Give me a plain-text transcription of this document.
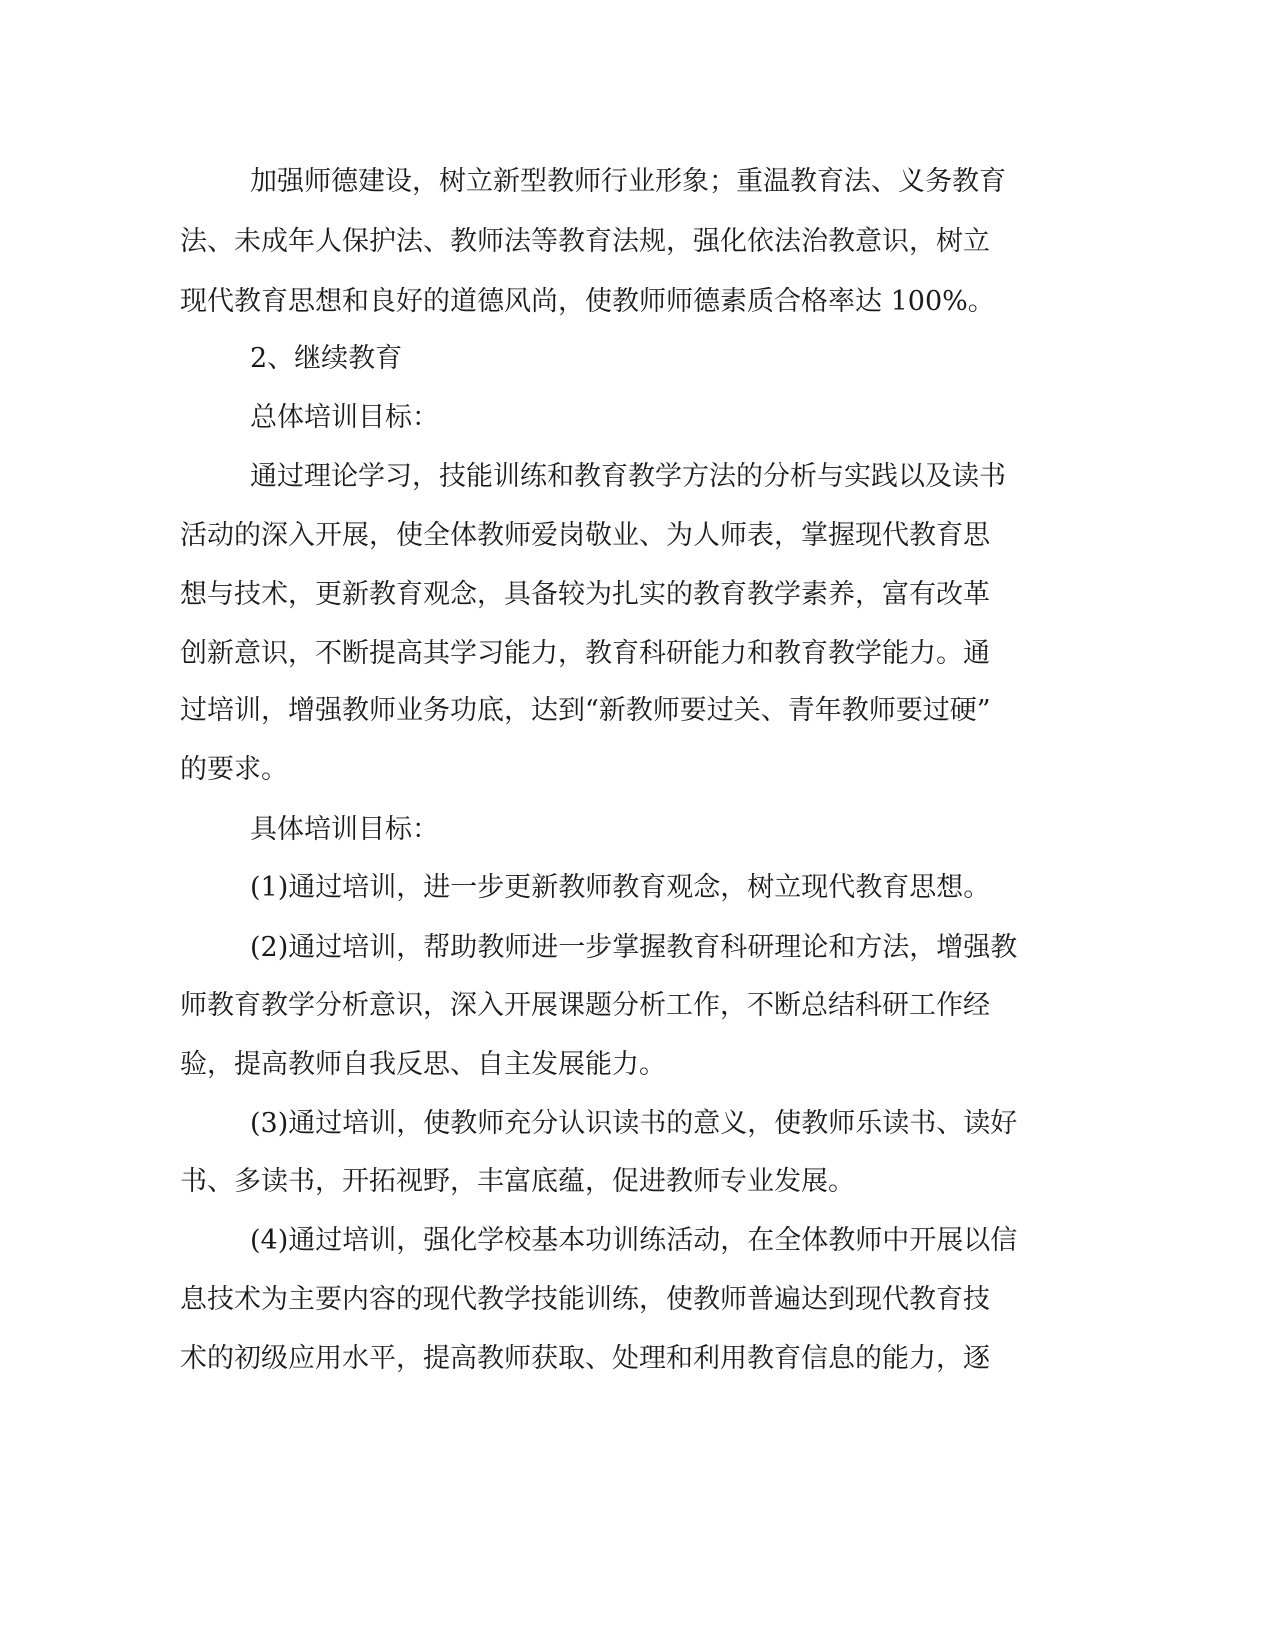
加强师德建设，树立新型教师行业形象；重温教育法、义务教育
法、未成年人保护法、教师法等教育法规，强化依法治教意识，树立
现代教育思想和良好的道德风尚，使教师师德素质合格率达 100%。
2、继续教育
总体培训目标：
通过理论学习，技能训练和教育教学方法的分析与实践以及读书
活动的深入开展，使全体教师爱岗敬业、为人师表，掌握现代教育思
想与技术，更新教育观念，具备较为扎实的教育教学素养，富有改革
创新意识，不断提高其学习能力，教育科研能力和教育教学能力。通
过培训，增强教师业务功底，达到“新教师要过关、青年教师要过硬”
的要求。
具体培训目标：
(1)通过培训，进一步更新教师教育观念，树立现代教育思想。
(2)通过培训，帮助教师进一步掌握教育科研理论和方法，增强教
师教育教学分析意识，深入开展课题分析工作，不断总结科研工作经
验，提高教师自我反思、自主发展能力。
(3)通过培训，使教师充分认识读书的意义，使教师乐读书、读好
书、多读书，开拓视野，丰富底蕴，促进教师专业发展。
(4)通过培训，强化学校基本功训练活动，在全体教师中开展以信
息技术为主要内容的现代教学技能训练，使教师普遍达到现代教育技
术的初级应用水平，提高教师获取、处理和利用教育信息的能力，逐
